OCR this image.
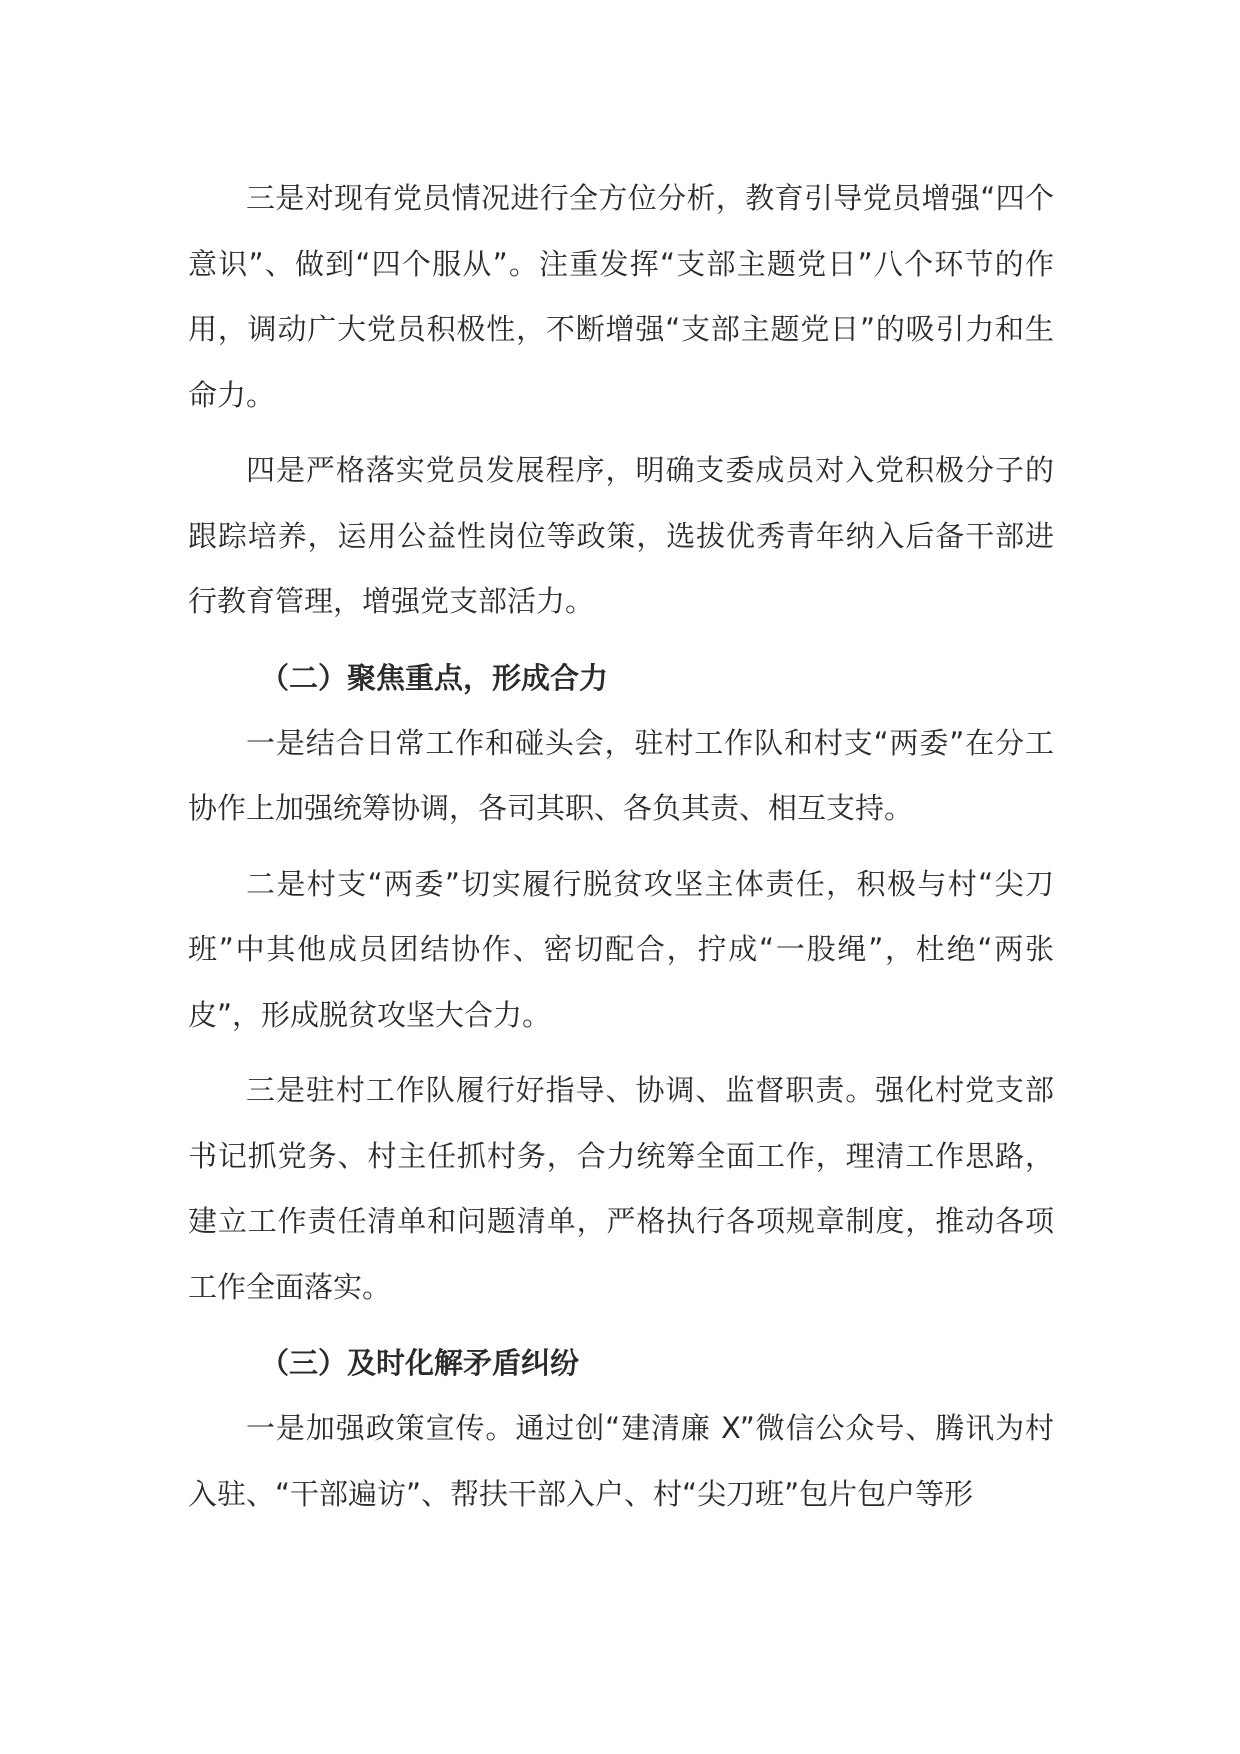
三是对现有党员情况进行全方位分析，教育引导党员增强“四个意识”、做到“四个服从”。注重发挥“支部主题党日”八个环节的作用，调动广大党员积极性，不断增强“支部主题党日”的吸引力和生命力。

四是严格落实党员发展程序，明确支委成员对入党积极分子的跟踪培养，运用公益性岗位等政策，选拔优秀青年纳入后备干部进行教育管理，增强党支部活力。

（二）聚焦重点，形成合力

一是结合日常工作和碰头会，驻村工作队和村支“两委”在分工协作上加强统筹协调，各司其职、各负其责、相互支持。

二是村支“两委”切实履行脱贫攻坚主体责任，积极与村“尖刀班”中其他成员团结协作、密切配合，拧成“一股绳”，杜绝“两张皮”，形成脱贫攻坚大合力。

三是驻村工作队履行好指导、协调、监督职责。强化村党支部书记抓党务、村主任抓村务，合力统筹全面工作，理清工作思路，建立工作责任清单和问题清单，严格执行各项规章制度，推动各项工作全面落实。

（三）及时化解矛盾纠纷

一是加强政策宣传。通过创“建清廉 X”微信公众号、腾讯为村入驻、“干部遍访”、帮扶干部入户、村“尖刀班”包片包户等形
